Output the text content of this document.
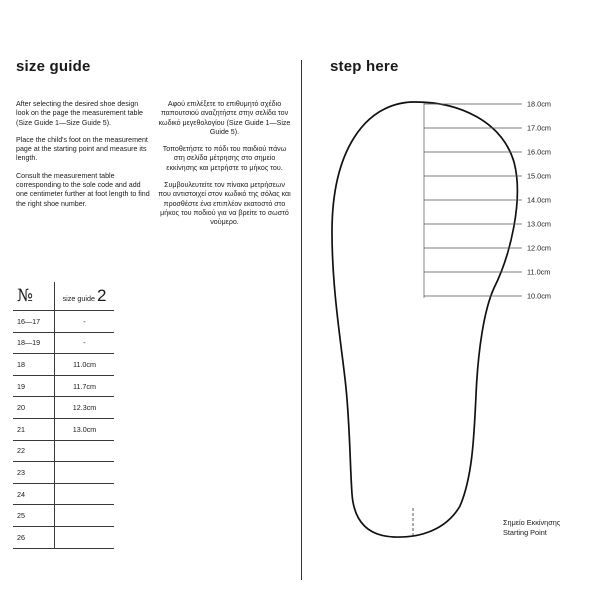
size guide

After selecting the desired shoe design look on the page the measurement table (Size Guide 1—Size Guide 5).

Place the child's foot on the measurement page at the starting point and measure its length.

Consult the measurement table corresponding to the sole code and add one centimeter further at foot length to find the right shoe number.

Αφού επιλέξετε το επιθυμητό σχέδιο παπουτσιού αναζητήστε στην σελίδα τον κωδικό μεγεθολογίου (Size Guide 1—Size Guide 5).

Τοποθετήστε το πόδι του παιδιού πάνω στη σελίδα μέτρησης στο σημείο εκκίνησης και μετρήστε το μήκος του.

Συμβουλευτείτε τον πίνακα μετρήσεων που αντιστοιχεί στον κωδικό της σόλας και προσθέστε ένα επιπλέον εκατοστό στο μήκος του ποδιού για να βρείτε το σωστό νούμερο.

№	size guide 2
16—17	-
18—19	-
18	11.0cm
19	11.7cm
20	12.3cm
21	13.0cm
22	
23	
24	
25	
26	
step here
18.0cm
17.0cm
16.0cm
15.0cm
14.0cm
13.0cm
12.0cm
11.0cm
10.0cm
Σημείο Εκκίνησης
Starting Point
